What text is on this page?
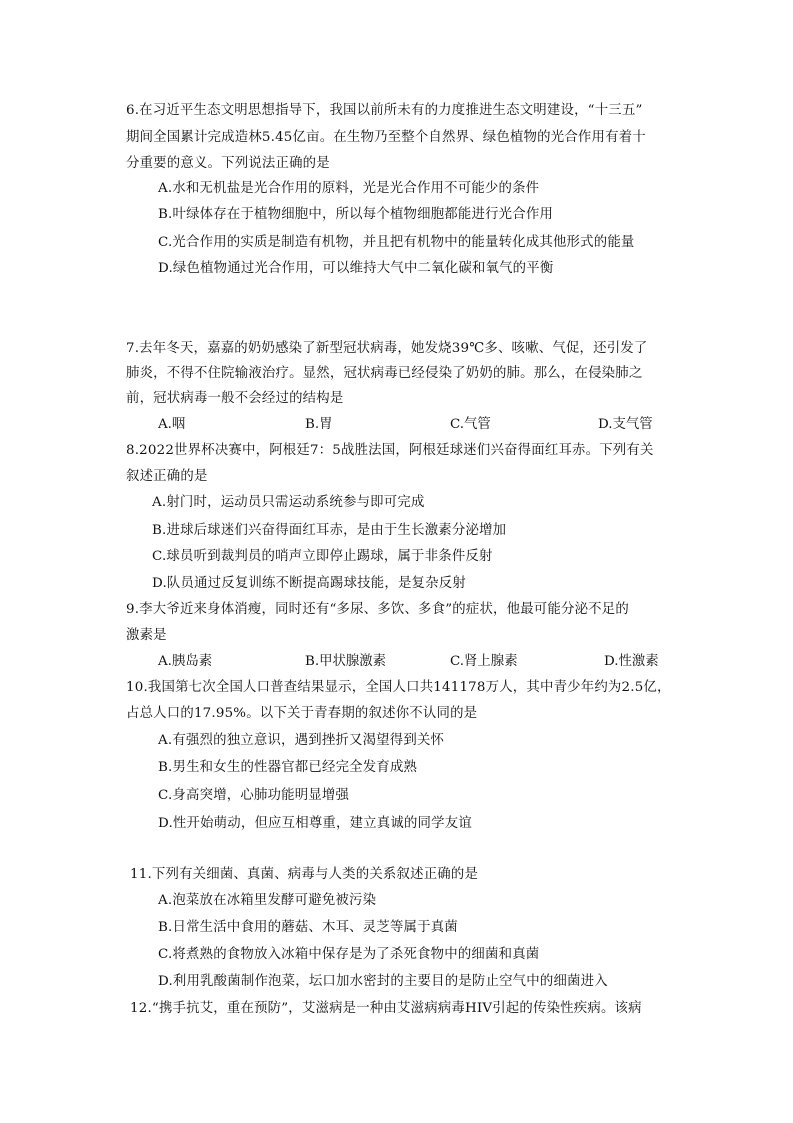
6.在习近平生态文明思想指导下，我国以前所未有的力度推进生态文明建设，“十三五”
期间全国累计完成造林5.45亿亩。在生物乃至整个自然界、绿色植物的光合作用有着十
分重要的意义。下列说法正确的是
A.水和无机盐是光合作用的原料，光是光合作用不可能少的条件
B.叶绿体存在于植物细胞中，所以每个植物细胞都能进行光合作用
C.光合作用的实质是制造有机物，并且把有机物中的能量转化成其他形式的能量
D.绿色植物通过光合作用，可以维持大气中二氧化碳和氧气的平衡
7.去年冬天，嘉嘉的奶奶感染了新型冠状病毒，她发烧39℃多、咳嗽、气促，还引发了
肺炎，不得不住院输液治疗。显然，冠状病毒已经侵染了奶奶的肺。那么，在侵染肺之
前，冠状病毒一般不会经过的结构是
A.咽	B.胃	C.气管	D.支气管
8.2022世界杯决赛中，阿根廷7：5战胜法国，阿根廷球迷们兴奋得面红耳赤。下列有关
叙述正确的是
A.射门时，运动员只需运动系统参与即可完成
B.进球后球迷们兴奋得面红耳赤，是由于生长激素分泌增加
C.球员听到裁判员的哨声立即停止踢球，属于非条件反射
D.队员通过反复训练不断提高踢球技能，是复杂反射
9.李大爷近来身体消瘦，同时还有“多尿、多饮、多食”的症状，他最可能分泌不足的
激素是
A.胰岛素	B.甲状腺激素	C.肾上腺素	D.性激素
10.我国第七次全国人口普查结果显示，全国人口共141178万人，其中青少年约为2.5亿，
占总人口的17.95%。以下关于青春期的叙述你不认同的是
A.有强烈的独立意识，遇到挫折又渴望得到关怀
B.男生和女生的性器官都已经完全发育成熟
C.身高突增，心肺功能明显增强
D.性开始萌动，但应互相尊重，建立真诚的同学友谊
11.下列有关细菌、真菌、病毒与人类的关系叙述正确的是
A.泡菜放在冰箱里发酵可避免被污染
B.日常生活中食用的蘑菇、木耳、灵芝等属于真菌
C.将煮熟的食物放入冰箱中保存是为了杀死食物中的细菌和真菌
D.利用乳酸菌制作泡菜，坛口加水密封的主要目的是防止空气中的细菌进入
12.“携手抗艾，重在预防”，艾滋病是一种由艾滋病病毒HIV引起的传染性疾病。该病
